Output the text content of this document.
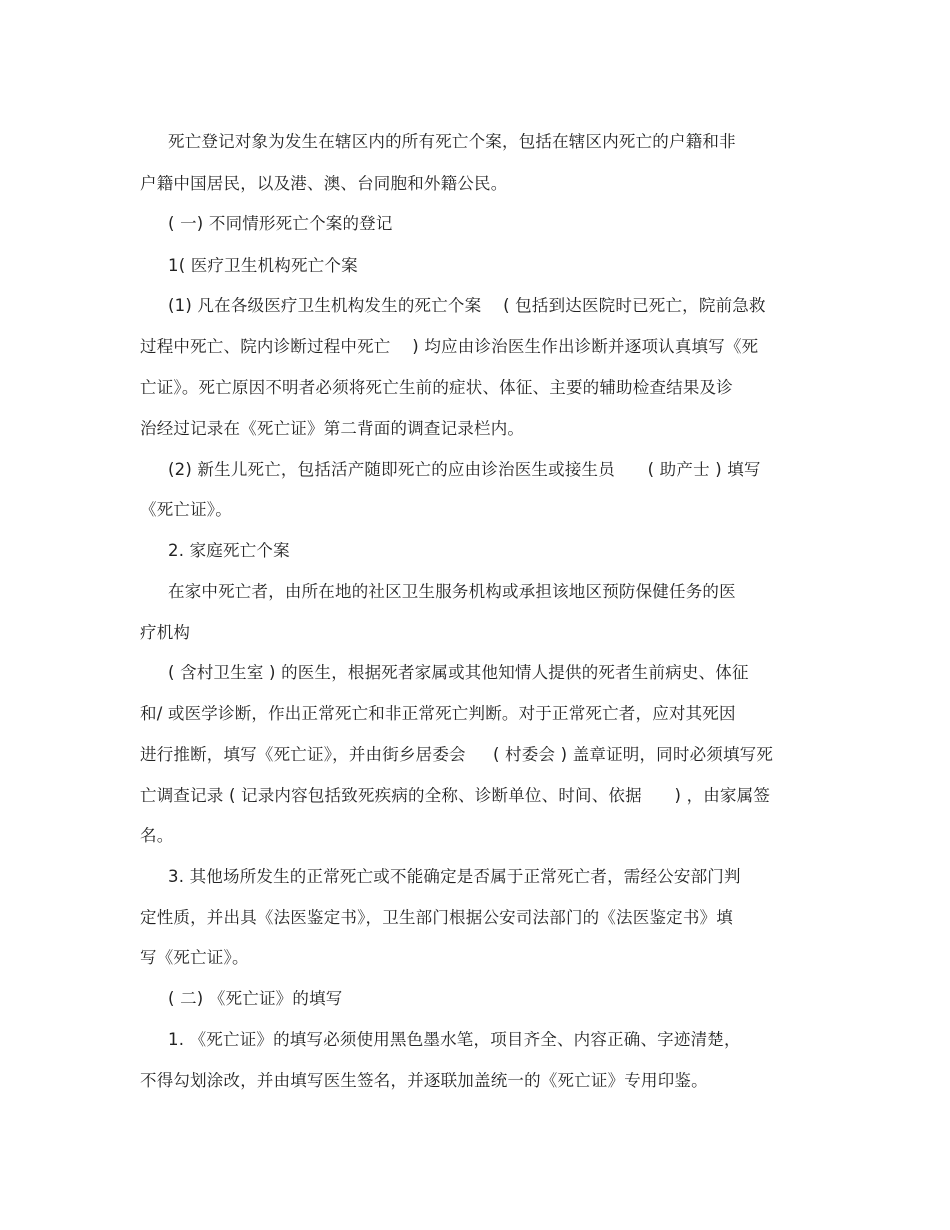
死亡登记对象为发生在辖区内的所有死亡个案，包括在辖区内死亡的户籍和非
户籍中国居民，以及港、澳、台同胞和外籍公民。
( 一) 不同情形死亡个案的登记
1( 医疗卫生机构死亡个案
(1) 凡在各级医疗卫生机构发生的死亡个案    ( 包括到达医院时已死亡，院前急救
过程中死亡、院内诊断过程中死亡    ) 均应由诊治医生作出诊断并逐项认真填写《死
亡证》。死亡原因不明者必须将死亡生前的症状、体征、主要的辅助检查结果及诊
治经过记录在《死亡证》第二背面的调查记录栏内。
(2) 新生儿死亡，包括活产随即死亡的应由诊治医生或接生员      ( 助产士 ) 填写
《死亡证》。
2. 家庭死亡个案
在家中死亡者，由所在地的社区卫生服务机构或承担该地区预防保健任务的医
疗机构
( 含村卫生室 ) 的医生，根据死者家属或其他知情人提供的死者生前病史、体征
和/ 或医学诊断，作出正常死亡和非正常死亡判断。对于正常死亡者，应对其死因
进行推断，填写《死亡证》，并由街乡居委会     ( 村委会 ) 盖章证明，同时必须填写死
亡调查记录 ( 记录内容包括致死疾病的全称、诊断单位、时间、依据      ) ，由家属签
名。
3. 其他场所发生的正常死亡或不能确定是否属于正常死亡者，需经公安部门判
定性质，并出具《法医鉴定书》，卫生部门根据公安司法部门的《法医鉴定书》填
写《死亡证》。
( 二) 《死亡证》的填写
1. 《死亡证》的填写必须使用黑色墨水笔，项目齐全、内容正确、字迹清楚，
不得勾划涂改，并由填写医生签名，并逐联加盖统一的《死亡证》专用印鉴。
